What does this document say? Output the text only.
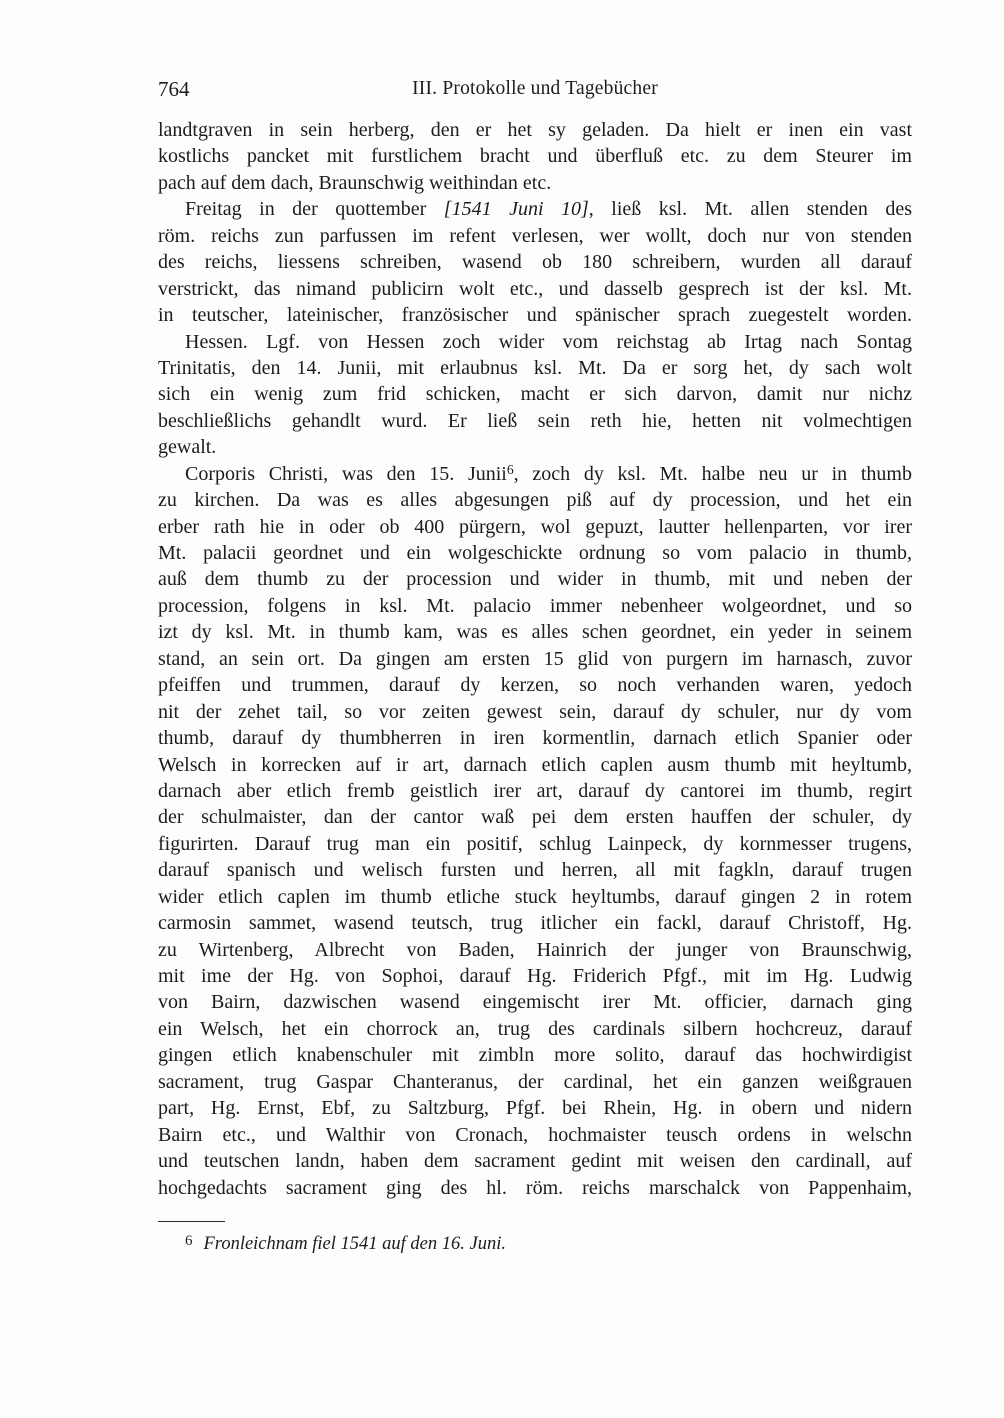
764	III. Protokolle und Tagebücher
landtgraven in sein herberg, den er het sy geladen. Da hielt er inen ein vast
kostlichs pancket mit furstlichem bracht und überfluß etc. zu dem Steurer im
pach auf dem dach, Braunschwig weithindan etc.
Freitag in der quottember [1541 Juni 10], ließ ksl. Mt. allen stenden des
röm. reichs zun parfussen im refent verlesen, wer wollt, doch nur von stenden
des reichs, liessens schreiben, wasend ob 180 schreibern, wurden all darauf
verstrickt, das nimand publicirn wolt etc., und dasselb gesprech ist der ksl. Mt.
in teutscher, lateinischer, französischer und spänischer sprach zuegestelt worden.
Hessen. Lgf. von Hessen zoch wider vom reichstag ab Irtag nach Sontag
Trinitatis, den 14. Junii, mit erlaubnus ksl. Mt. Da er sorg het, dy sach wolt
sich ein wenig zum frid schicken, macht er sich darvon, damit nur nichz
beschließlichs gehandlt wurd. Er ließ sein reth hie, hetten nit volmechtigen
gewalt.
Corporis Christi, was den 15. Junii$^6$, zoch dy ksl. Mt. halbe neu ur in thumb
zu kirchen. Da was es alles abgesungen piß auf dy procession, und het ein
erber rath hie in oder ob 400 pürgern, wol gepuzt, lautter hellenparten, vor irer
Mt. palacii geordnet und ein wolgeschickte ordnung so vom palacio in thumb,
auß dem thumb zu der procession und wider in thumb, mit und neben der
procession, folgens in ksl. Mt. palacio immer nebenheer wolgeordnet, und so
izt dy ksl. Mt. in thumb kam, was es alles schen geordnet, ein yeder in seinem
stand, an sein ort. Da gingen am ersten 15 glid von purgern im harnasch, zuvor
pfeiffen und trummen, darauf dy kerzen, so noch verhanden waren, yedoch
nit der zehet tail, so vor zeiten gewest sein, darauf dy schuler, nur dy vom
thumb, darauf dy thumbherren in iren kormentlin, darnach etlich Spanier oder
Welsch in korrecken auf ir art, darnach etlich caplen ausm thumb mit heyltumb,
darnach aber etlich fremb geistlich irer art, darauf dy cantorei im thumb, regirt
der schulmaister, dan der cantor waß pei dem ersten hauffen der schuler, dy
figurirten. Darauf trug man ein positif, schlug Lainpeck, dy kornmesser trugens,
darauf spanisch und welisch fursten und herren, all mit fagkln, darauf trugen
wider etlich caplen im thumb etliche stuck heyltumbs, darauf gingen 2 in rotem
carmosin sammet, wasend teutsch, trug itlicher ein fackl, darauf Christoff, Hg.
zu Wirtenberg, Albrecht von Baden, Hainrich der junger von Braunschwig,
mit ime der Hg. von Sophoi, darauf Hg. Friderich Pfgf., mit im Hg. Ludwig
von Bairn, dazwischen wasend eingemischt irer Mt. officier, darnach ging
ein Welsch, het ein chorrock an, trug des cardinals silbern hochcreuz, darauf
gingen etlich knabenschuler mit zimbln more solito, darauf das hochwirdigist
sacrament, trug Gaspar Chanteranus, der cardinal, het ein ganzen weißgrauen
part, Hg. Ernst, Ebf, zu Saltzburg, Pfgf. bei Rhein, Hg. in obern und nidern
Bairn etc., und Walthir von Cronach, hochmaister teusch ordens in welschn
und teutschen landn, haben dem sacrament gedint mit weisen den cardinall, auf
hochgedachts sacrament ging des hl. röm. reichs marschalck von Pappenhaim,
$^6$ Fronleichnam fiel 1541 auf den 16. Juni.
